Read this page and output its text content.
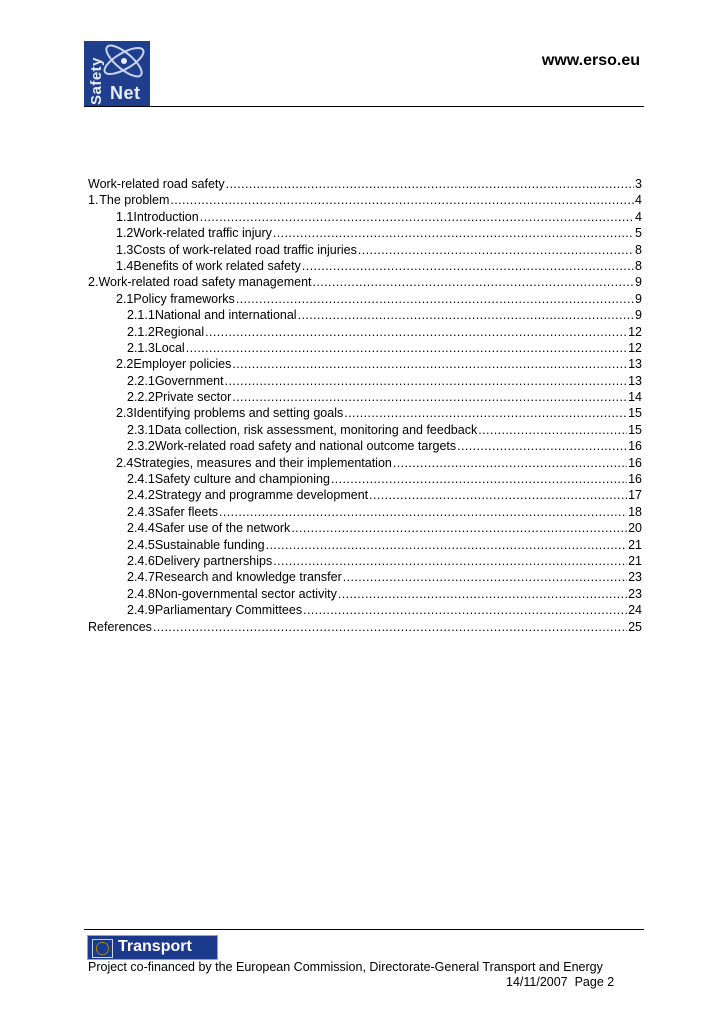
Safety Net
www.erso.eu
Work-related road safety .....	3
1. The problem .....	4
1.1 Introduction .....	4
1.2 Work-related traffic injury .....	5
1.3 Costs of work-related road traffic injuries .....	8
1.4 Benefits of work related safety .....	8
2. Work-related road safety management .....	9
2.1 Policy frameworks .....	9
2.1.1 National and international .....	9
2.1.2 Regional .....	12
2.1.3 Local .....	12
2.2 Employer policies .....	13
2.2.1 Government .....	13
2.2.2 Private sector .....	14
2.3 Identifying problems and setting goals .....	15
2.3.1 Data collection, risk assessment, monitoring and feedback .....	15
2.3.2 Work-related road safety and national outcome targets .....	16
2.4 Strategies, measures and their implementation .....	16
2.4.1 Safety culture and championing .....	16
2.4.2 Strategy and programme development .....	17
2.4.3 Safer fleets .....	18
2.4.4 Safer use of the network .....	20
2.4.5 Sustainable funding .....	21
2.4.6 Delivery partnerships .....	21
2.4.7 Research and knowledge transfer .....	23
2.4.8 Non-governmental sector activity .....	23
2.4.9 Parliamentary Committees .....	24
References .....	25
Transport
Project co-financed by the European Commission, Directorate-General Transport and Energy
14/11/2007 Page 2
